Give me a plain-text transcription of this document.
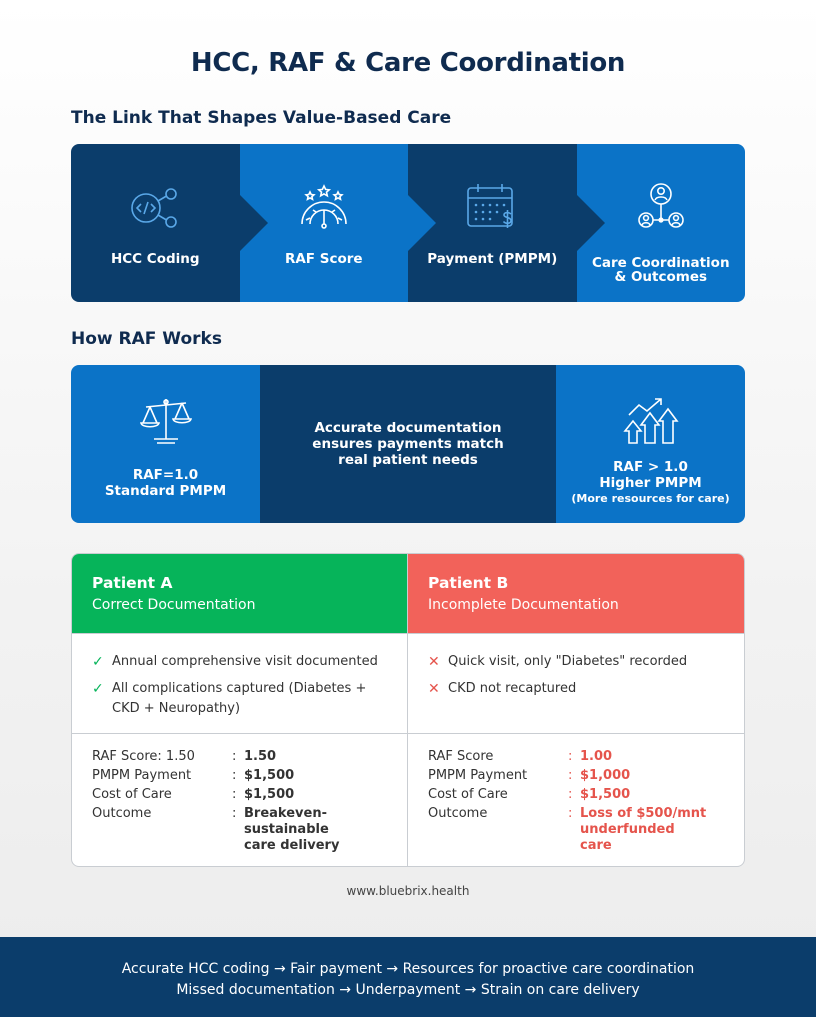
HCC, RAF & Care Coordination
The Link That Shapes Value-Based Care
HCC Coding	RAF Score	Payment (PMPM)	Care Coordination
& Outcomes
How RAF Works
RAF=1.0
Standard PMPM
Accurate documentation
ensures payments match
real patient needs	RAF > 1.0
Higher PMPM
(More resources for care)
Patient A
Correct Documentation
✓ Annual comprehensive visit documented
✓ All complications captured (Diabetes + CKD + Neuropathy)
RAF Score: 1.50	: 1.50
PMPM Payment	: $1,500
Cost of Care	: $1,500
Outcome	: Breakeven- sustainable care delivery
Patient B
Incomplete Documentation
✕ Quick visit, only "Diabetes" recorded
✕ CKD not recaptured
RAF Score	: 1.00
PMPM Payment	: $1,000
Cost of Care	: $1,500
Outcome	: Loss of $500/mnt underfunded care
www.bluebrix.health
Accurate HCC coding → Fair payment → Resources for proactive care coordination
Missed documentation → Underpayment → Strain on care delivery
